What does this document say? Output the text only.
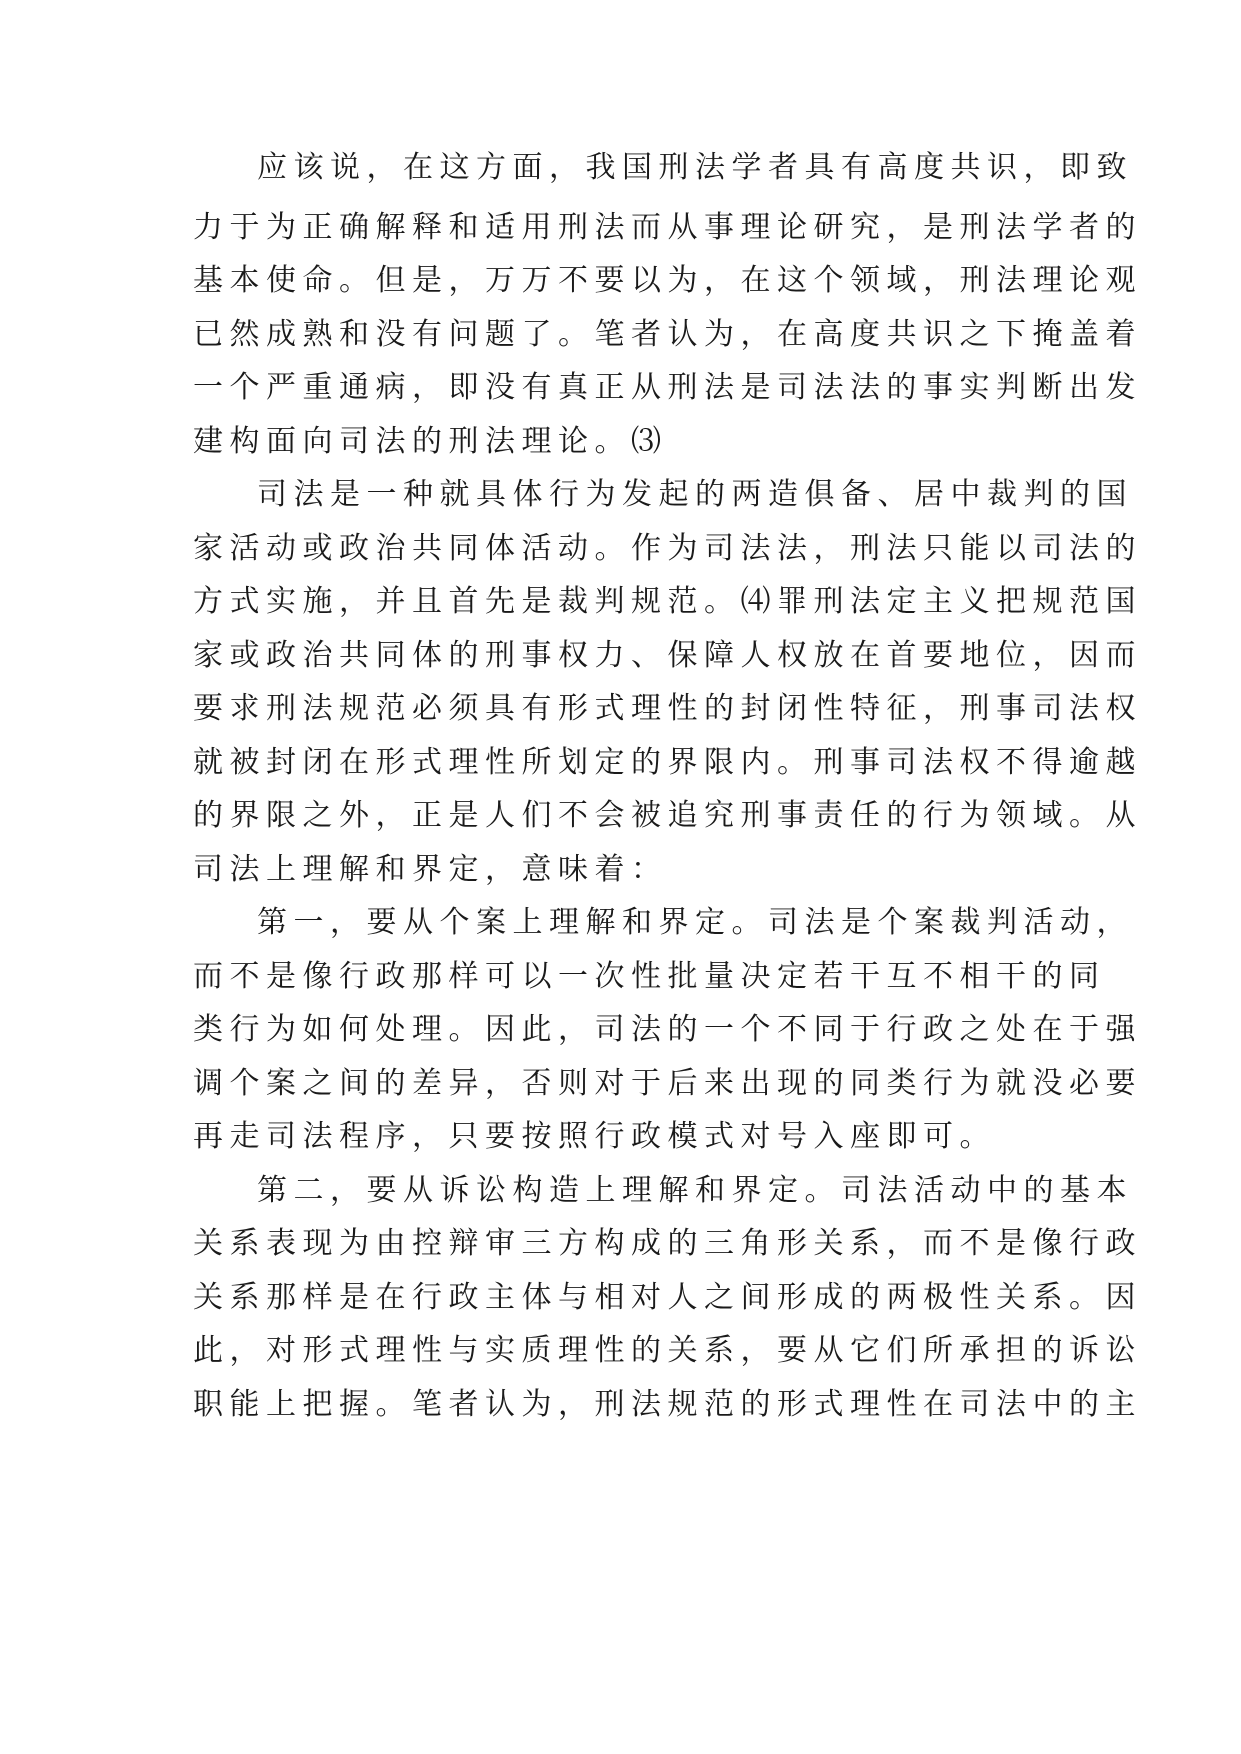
应该说，在这方面，我国刑法学者具有高度共识，即致
力于为正确解释和适用刑法而从事理论研究，是刑法学者的
基本使命。但是，万万不要以为，在这个领域，刑法理论观
已然成熟和没有问题了。笔者认为，在高度共识之下掩盖着
一个严重通病，即没有真正从刑法是司法法的事实判断出发
建构面向司法的刑法理论。⑶
司法是一种就具体行为发起的两造俱备、居中裁判的国
家活动或政治共同体活动。作为司法法，刑法只能以司法的
方式实施，并且首先是裁判规范。⑷罪刑法定主义把规范国
家或政治共同体的刑事权力、保障人权放在首要地位，因而
要求刑法规范必须具有形式理性的封闭性特征，刑事司法权
就被封闭在形式理性所划定的界限内。刑事司法权不得逾越
的界限之外，正是人们不会被追究刑事责任的行为领域。从
司法上理解和界定，意味着：
第一，要从个案上理解和界定。司法是个案裁判活动，
而不是像行政那样可以一次性批量决定若干互不相干的同
类行为如何处理。因此，司法的一个不同于行政之处在于强
调个案之间的差异，否则对于后来出现的同类行为就没必要
再走司法程序，只要按照行政模式对号入座即可。
第二，要从诉讼构造上理解和界定。司法活动中的基本
关系表现为由控辩审三方构成的三角形关系，而不是像行政
关系那样是在行政主体与相对人之间形成的两极性关系。因
此，对形式理性与实质理性的关系，要从它们所承担的诉讼
职能上把握。笔者认为，刑法规范的形式理性在司法中的主
